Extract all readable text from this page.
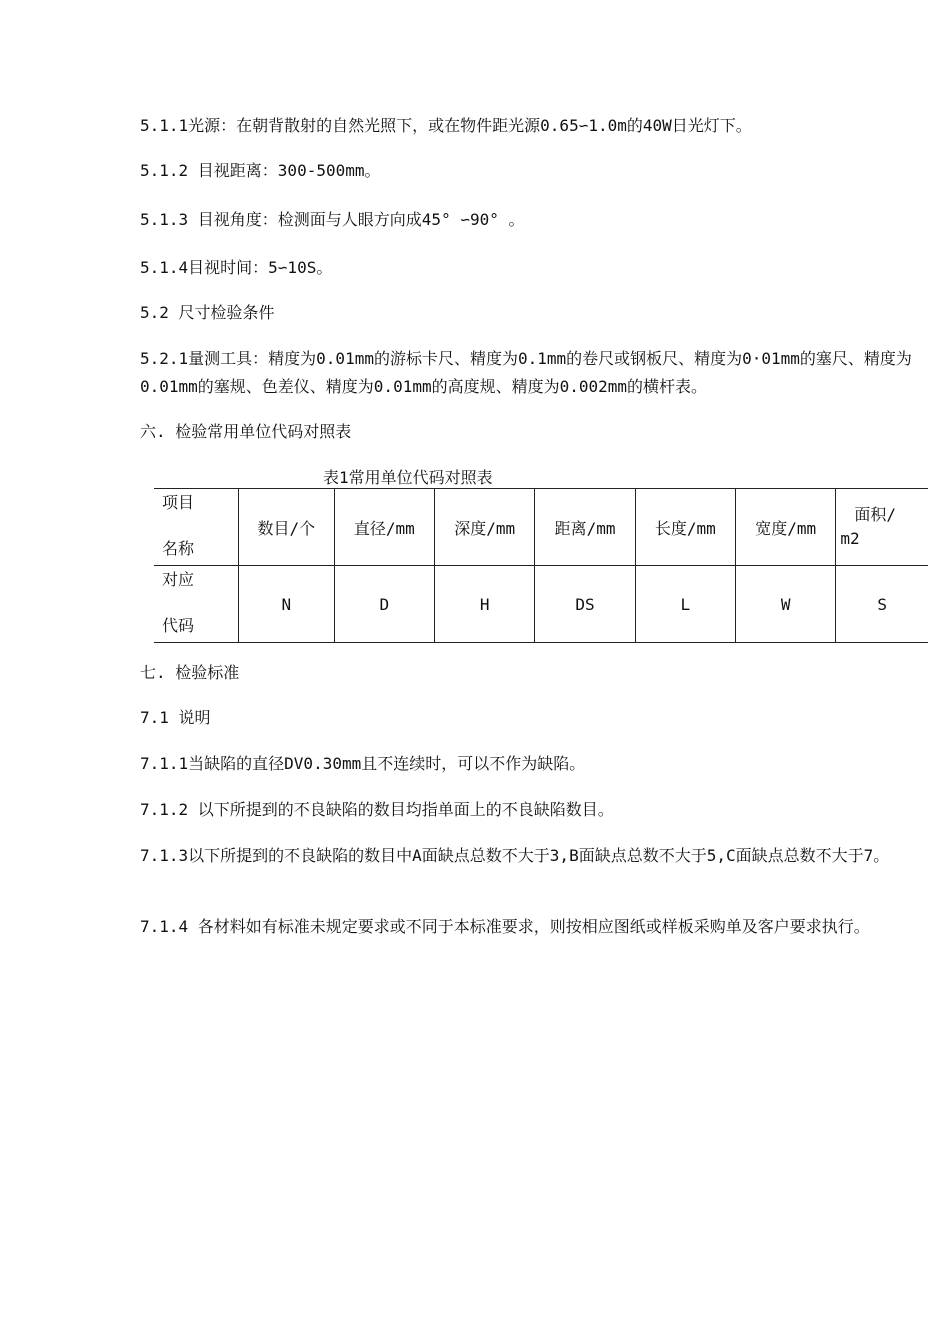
5.1.1光源：在朝背散射的自然光照下，或在物件距光源0.65∽1.0m的40W日光灯下。

5.1.2 目视距离：300-500mm。

5.1.3 目视角度：检测面与人眼方向成45° ∽90° 。

5.1.4目视时间：5∽10S。

5.2 尺寸检验条件

5.2.1量测工具：精度为0.01mm的游标卡尺、精度为0.1mm的卷尺或钢板尺、精度为0·01mm的塞尺、精度为0.01mm的塞规、色差仪、精度为0.01mm的高度规、精度为0.002mm的横杆表。

六. 检验常用单位代码对照表

表1常用单位代码对照表

项目
名称	数目/个	直径/mm	深度/mm	距离/mm	长度/mm	宽度/mm	面积/
m2

对应
代码	N	D	H	DS	L	W	S

七. 检验标准

7.1 说明

7.1.1当缺陷的直径DV0.30mm且不连续时，可以不作为缺陷。

7.1.2 以下所提到的不良缺陷的数目均指单面上的不良缺陷数目。

7.1.3以下所提到的不良缺陷的数目中A面缺点总数不大于3,B面缺点总数不大于5,C面缺点总数不大于7。

7.1.4 各材料如有标准未规定要求或不同于本标准要求，则按相应图纸或样板采购单及客户要求执行。
